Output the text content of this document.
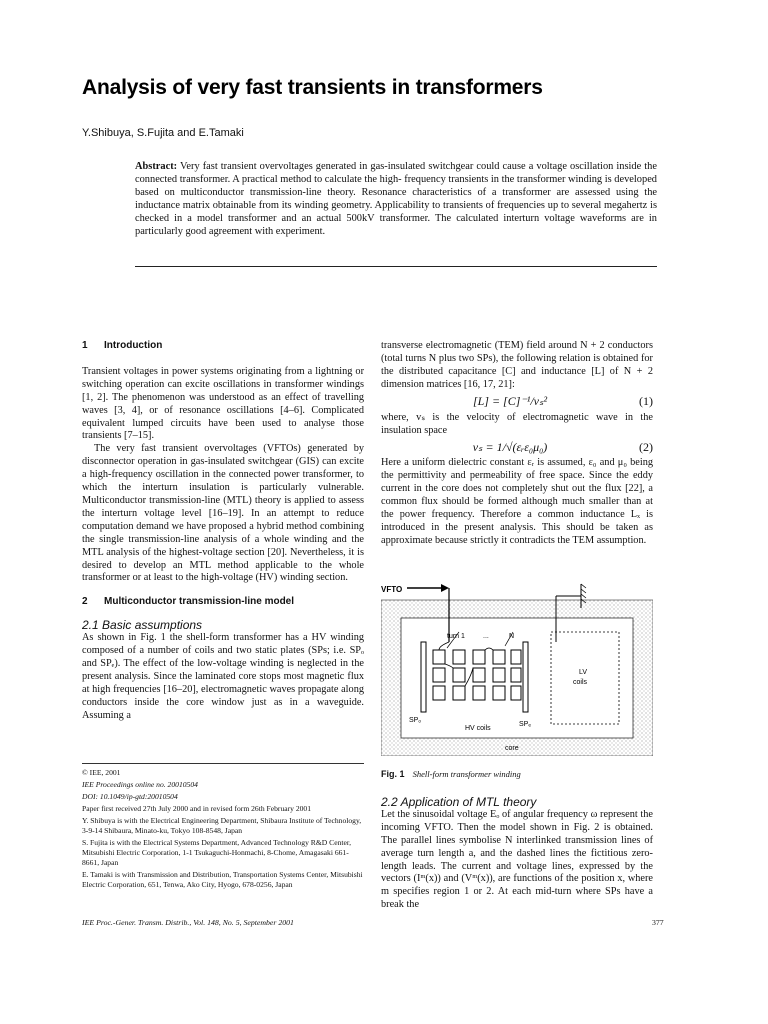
Analysis of very fast transients in transformers
Y.Shibuya, S.Fujita and E.Tamaki
Abstract: Very fast transient overvoltages generated in gas-insulated switchgear could cause a voltage oscillation inside the connected transformer. A practical method to calculate the high- frequency transients in the transformer winding is developed based on multiconductor transmission-line theory. Resonance characteristics of a transformer are assessed using the inductance matrix obtainable from its winding geometry. Applicability to transients of frequencies up to several megahertz is checked in a model transformer and an actual 500kV transformer. The calculated interturn voltage waveforms are in particularly good agreement with experiment.

1 Introduction

Transient voltages in power systems originating from a lightning or switching operation can excite oscillations in transformer windings [1, 2]. The phenomenon was understood as an effect of travelling waves [3, 4], or of resonance oscillations [4–6]. Complicated equivalent lumped circuits have been used to analyse those transients [7–15].

The very fast transient overvoltages (VFTOs) generated by disconnector operation in gas-insulated switchgear (GIS) can excite a high-frequency oscillation in the connected power transformer, to which the interturn insulation is particularly vulnerable. Multiconductor transmission-line (MTL) theory is applied to assess the interturn voltage level [16–19]. In an attempt to reduce computation demand we have proposed a hybrid method combining the single transmission-line analysis of a whole winding and the MTL analysis of the highest-voltage section [20]. Nevertheless, it is desired to develop an MTL method applicable to the whole transformer or at least to the high-voltage (HV) winding section.

2 Multiconductor transmission-line model

2.1 Basic assumptions

As shown in Fig. 1 the shell-form transformer has a HV winding composed of a number of coils and two static plates (SPs; i.e. SPₒ and SPₑ). The effect of the low-voltage winding is neglected in the present analysis. Since the laminated core stops most magnetic flux at high frequencies [16–20], electromagnetic waves propagate along conductors inside the core window just as in a waveguide. Assuming a

© IEE, 2001

IEE Proceedings online no. 20010504

DOI: 10.1049/ip-gtd:20010504

Paper first received 27th July 2000 and in revised form 26th February 2001

Y. Shibuya is with the Electrical Engineering Department, Shibaura Institute of Technology, 3-9-14 Shibaura, Minato-ku, Tokyo 108-8548, Japan

S. Fujita is with the Electrical Systems Department, Advanced Technology R&D Center, Mitsubishi Electric Corporation, 1-1 Tsukaguchi-Honmachi, 8-Chome, Amagasaki 661-8661, Japan

E. Tamaki is with Transmission and Distribution, Transportation Systems Center, Mitsubishi Electric Corporation, 651, Tenwa, Ako City, Hyogo, 678-0256, Japan

transverse electromagnetic (TEM) field around N + 2 conductors (total turns N plus two SPs), the following relation is obtained for the distributed capacitance [C] and inductance [L] of N + 2 dimension matrices [16, 17, 21]:

[L] = [C]⁻¹/vₛ²	(1)

where, vₛ is the velocity of electromagnetic wave in the insulation space

vₛ = 1/√(εᵣε₀μ₀)	(2)

Here a uniform dielectric constant εᵣ is assumed, ε₀ and μ₀ being the permittivity and permeability of free space. Since the eddy current in the core does not completely shut out the flux [22], a common flux should be formed although much smaller than at the power frequency. Therefore a common inductance Lₓ is introduced in the present analysis. This should be taken as approximate because strictly it contradicts the TEM assumption.

VFTO
turn 1	...	N
LV
coils
SPₒ
HV coils
SPₑ
core
Fig. 1 Shell-form transformer winding

2.2 Application of MTL theory

Let the sinusoidal voltage Eₒ of angular frequency ω represent the incoming VFTO. Then the model shown in Fig. 2 is obtained. The parallel lines symbolise N interlinked transmission lines of average turn length a, and the dashed lines the fictitious zero-length leads. The current and voltage lines, expressed by the vectors (Iᵐ(x)) and (Vᵐ(x)), are functions of the position x, where m specifies region 1 or 2. At each mid-turn where SPs have a break the

IEE Proc.-Gener. Transm. Distrib., Vol. 148, No. 5, September 2001	377
